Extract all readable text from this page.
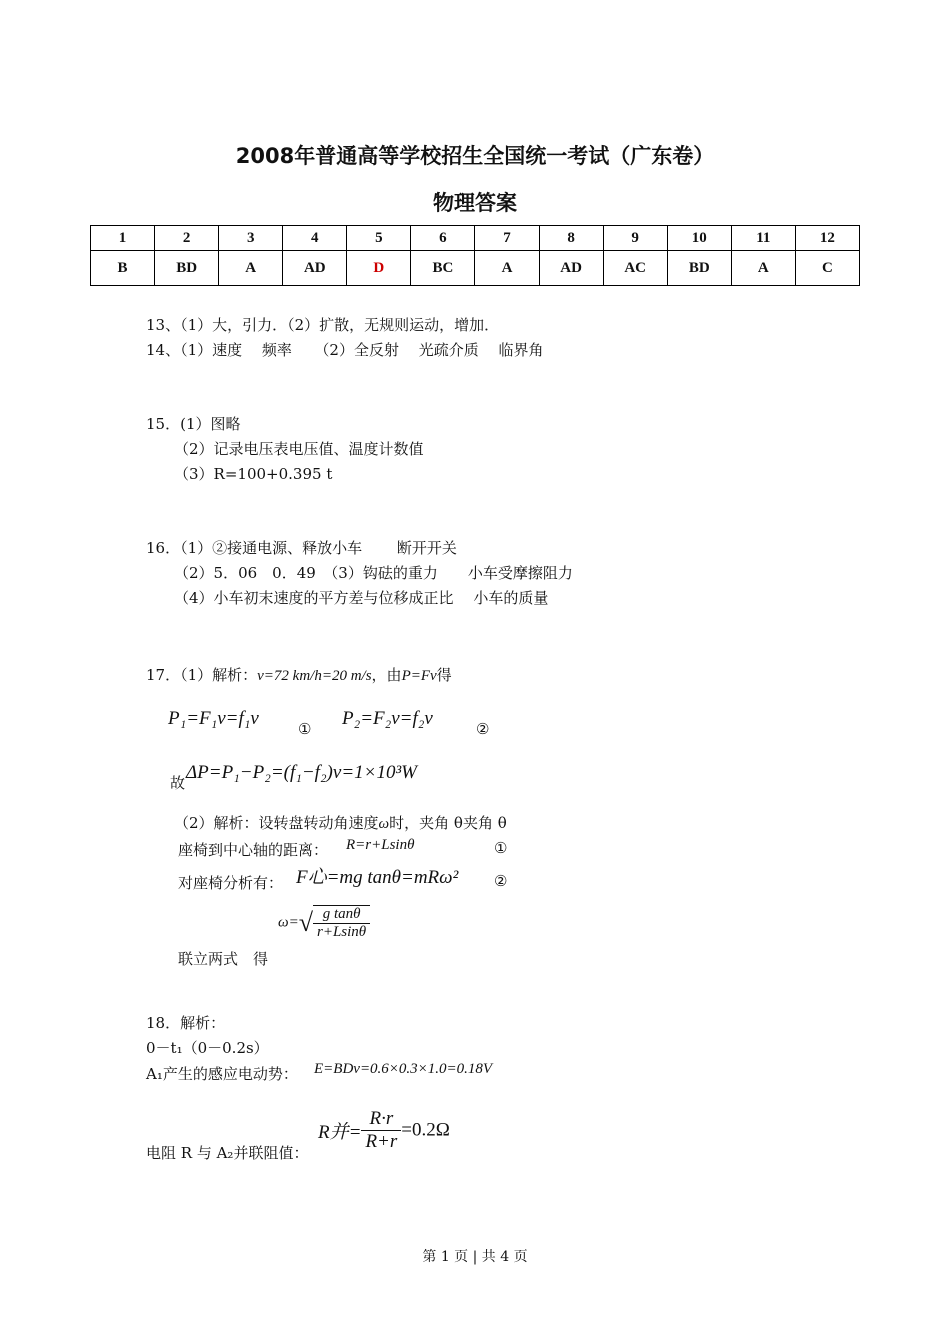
2008年普通高等学校招生全国统一考试（广东卷）
物理答案
1	2	3	4	5	6	7	8	9	10	11	12
B	BD	A	AD	D	BC	A	AD	AC	BD	A	C
13、（1）大，引力．（2）扩散，无规则运动，增加．
14、（1）速度　 频率　　（2）全反射　 光疏介质　 临界角
15．(1）图略
（2）记录电压表电压值、温度计数值
（3）R=100+0.395 t
16．（1）②接通电源、释放小车　　 断开开关
（2）5．06　0．49　（3）钩砝的重力　　小车受摩擦阻力
（4）小车初末速度的平方差与位移成正比　 小车的质量
17．（1）解析：v=72 km/h=20 m/s，由P=Fv得
P₁=F₁v=f₁v	① P₂=F₂v=f₂v	②
故 ΔP=P₁−P₂=(f₁−f₂)v=1×10³W
（2）解析：设转盘转动角速度ω时，夹角 θ夹角 θ
座椅到中心轴的距离： R=r+Lsinθ	①
对座椅分析有： F心=mg tanθ=mRω² ②
联立两式　得
$\omega=√ \frac{\text{g tanθ}}{r+Lsin\theta}$
18．解析：
0－t₁（0－0.2s）
A₁产生的感应电动势： E=BDv=0.6×0.3×1.0=0.18V
电阻 R 与 A₂并联阻值：
R并= $\frac{R\cdot r}{R+r} =0.2\Omega$
第 1 页 | 共 4 页
